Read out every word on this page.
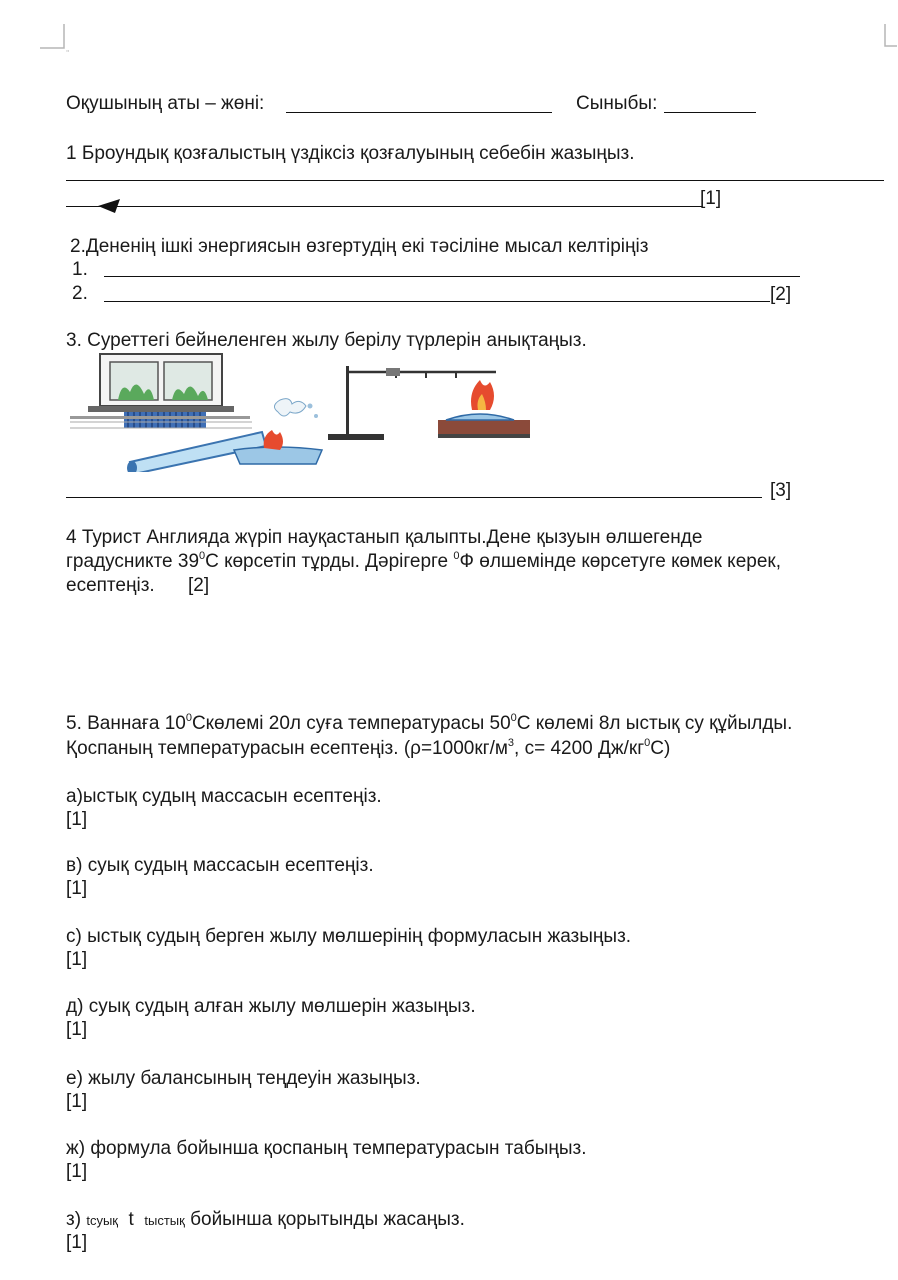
"
Оқушының аты – жөні:	Сыныбы:
1 Броундық қозғалыстың үздіксіз қозғалуының себебін жазыңыз.
[1]
2.Дененің ішкі энергиясын өзгертудің екі тәсіліне мысал келтіріңіз
1.
2.	[2]
3. Суреттегі бейнеленген жылу берілу түрлерін анықтаңыз.
[3]
4 Турист Англияда жүріп науқастанып қалыпты.Дене қызуын өлшегенде
градусникте $39^0С$ көрсетіп тұрды. Дәрігерге $^0$Ф өлшемінде көрсетуге көмек керек,
есептеңіз. [2]
5. Ваннаға $10^0Скөлемі$ 20л суға температурасы $50^0С$ көлемі 8л ыстық су құйылды.
Қоспаның температурасын есептеңіз. ($\rho=1000кг/м^3$, с= 4200 $Дж/кг^0С$)
а)ыстық судың массасын есептеңіз.
[1]
в) суық судың массасын есептеңіз.
[1]
с) ыстық судың берген жылу мөлшерінің формуласын жазыңыз.
[1]
д) суық судың алған жылу мөлшерін жазыңыз.
[1]
е) жылу балансының теңдеуін жазыңыз.
[1]
ж) формула бойынша қоспаның температурасын табыңыз.
[1]
з) tсуық t tыстық бойынша қорытынды жасаңыз.
[1]
